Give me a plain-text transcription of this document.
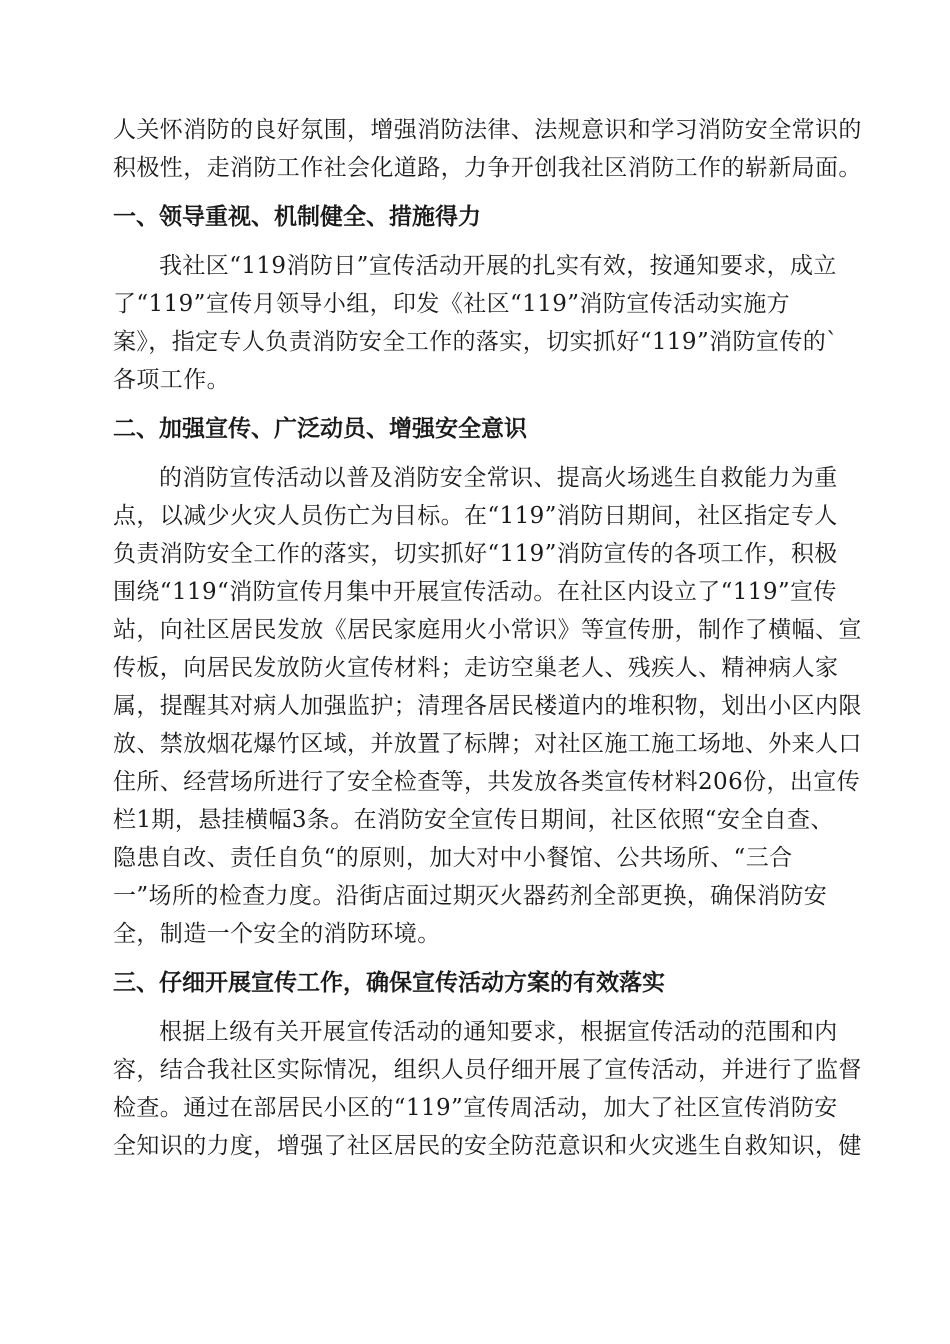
人关怀消防的良好氛围，增强消防法律、法规意识和学习消防安全常识的
积极性，走消防工作社会化道路，力争开创我社区消防工作的崭新局面。
一、领导重视、机制健全、措施得力
我社区“119消防日”宣传活动开展的扎实有效，按通知要求，成立
了“119”宣传月领导小组，印发《社区“119”消防宣传活动实施方
案》，指定专人负责消防安全工作的落实，切实抓好“119”消防宣传的`
各项工作。
二、加强宣传、广泛动员、增强安全意识
的消防宣传活动以普及消防安全常识、提高火场逃生自救能力为重
点，以减少火灾人员伤亡为目标。在“119”消防日期间，社区指定专人
负责消防安全工作的落实，切实抓好“119”消防宣传的各项工作，积极
围绕“119“消防宣传月集中开展宣传活动。在社区内设立了“119”宣传
站，向社区居民发放《居民家庭用火小常识》等宣传册，制作了横幅、宣
传板，向居民发放防火宣传材料；走访空巢老人、残疾人、精神病人家
属，提醒其对病人加强监护；清理各居民楼道内的堆积物，划出小区内限
放、禁放烟花爆竹区域，并放置了标牌；对社区施工施工场地、外来人口
住所、经营场所进行了安全检查等，共发放各类宣传材料206份，出宣传
栏1期，悬挂横幅3条。在消防安全宣传日期间，社区依照“安全自查、
隐患自改、责任自负“的原则，加大对中小餐馆、公共场所、“三合
一”场所的检查力度。沿街店面过期灭火器药剂全部更换，确保消防安
全，制造一个安全的消防环境。
三、仔细开展宣传工作，确保宣传活动方案的有效落实
根据上级有关开展宣传活动的通知要求，根据宣传活动的范围和内
容，结合我社区实际情况，组织人员仔细开展了宣传活动，并进行了监督
检查。通过在部居民小区的“119”宣传周活动，加大了社区宣传消防安
全知识的力度，增强了社区居民的安全防范意识和火灾逃生自救知识，健
